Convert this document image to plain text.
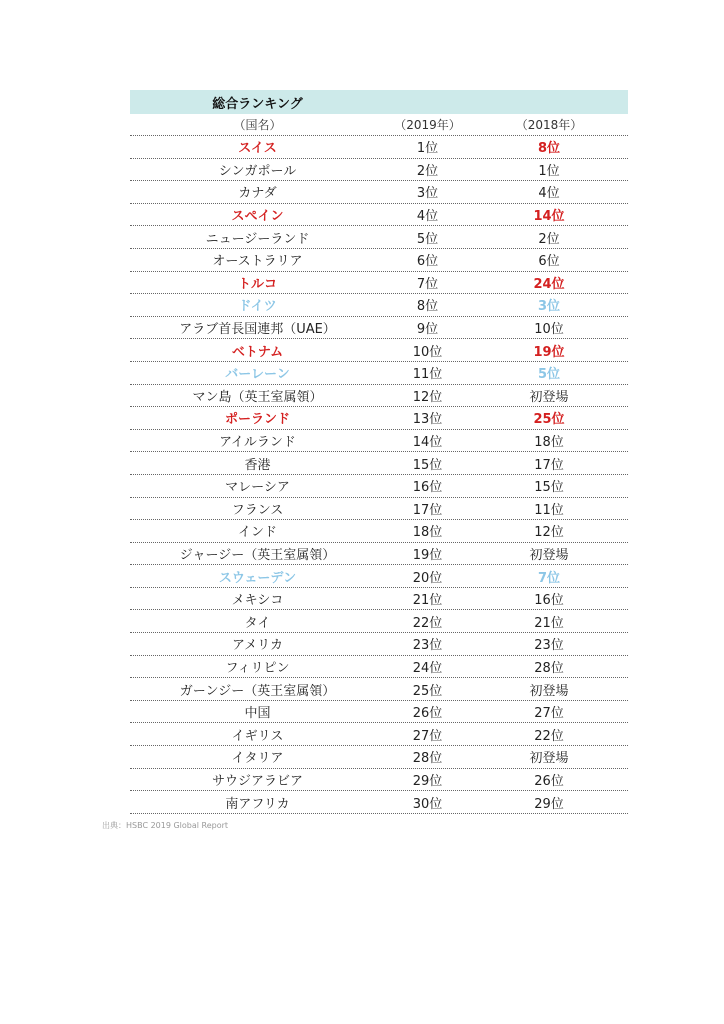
総合ランキング
（国名）	（2019年）	（2018年）
スイス	1位	8位
シンガポール	2位	1位
カナダ	3位	4位
スペイン	4位	14位
ニュージーランド	5位	2位
オーストラリア	6位	6位
トルコ	7位	24位
ドイツ	8位	3位
アラブ首長国連邦（UAE）	9位	10位
ベトナム	10位	19位
バーレーン	11位	5位
マン島（英王室属領）	12位	初登場
ポーランド	13位	25位
アイルランド	14位	18位
香港	15位	17位
マレーシア	16位	15位
フランス	17位	11位
インド	18位	12位
ジャージー（英王室属領）	19位	初登場
スウェーデン	20位	7位
メキシコ	21位	16位
タイ	22位	21位
アメリカ	23位	23位
フィリピン	24位	28位
ガーンジー（英王室属領）	25位	初登場
中国	26位	27位
イギリス	27位	22位
イタリア	28位	初登場
サウジアラビア	29位	26位
南アフリカ	30位	29位
出典：HSBC 2019 Global Report
